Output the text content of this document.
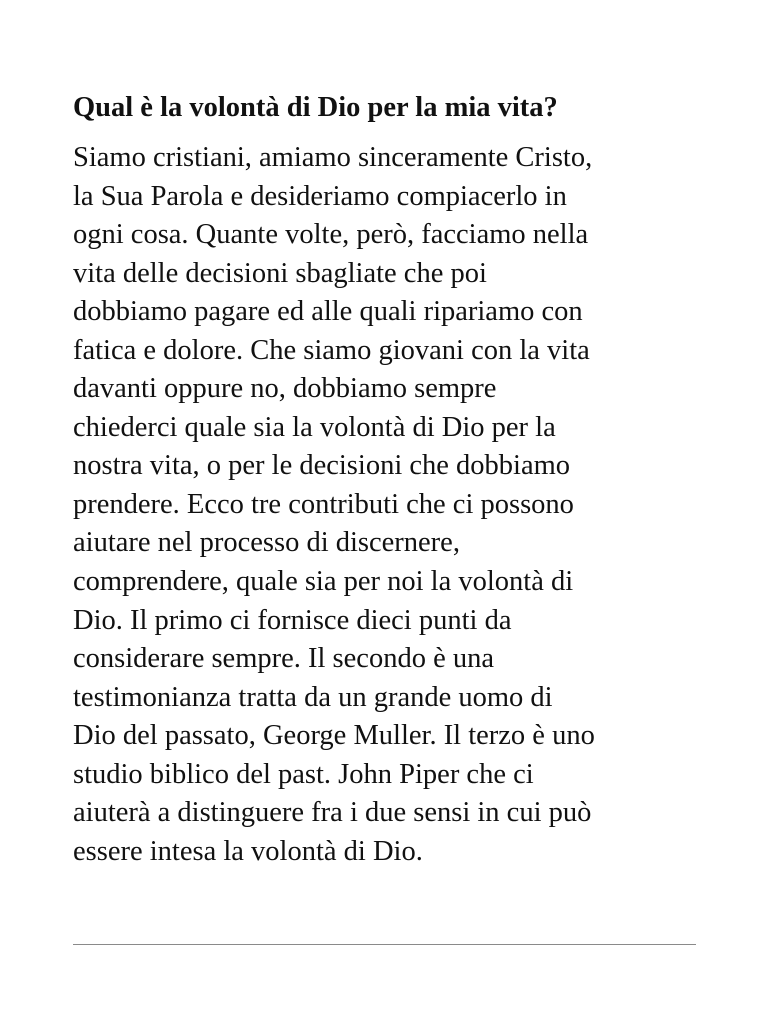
Qual è la volontà di Dio per la mia vita?

Siamo cristiani, amiamo sinceramente Cristo,
la Sua Parola e desideriamo compiacerlo in
ogni cosa. Quante volte, però, facciamo nella
vita delle decisioni sbagliate che poi
dobbiamo pagare ed alle quali ripariamo con
fatica e dolore. Che siamo giovani con la vita
davanti oppure no, dobbiamo sempre
chiederci quale sia la volontà di Dio per la
nostra vita, o per le decisioni che dobbiamo
prendere. Ecco tre contributi che ci possono
aiutare nel processo di discernere,
comprendere, quale sia per noi la volontà di
Dio. Il primo ci fornisce dieci punti da
considerare sempre. Il secondo è una
testimonianza tratta da un grande uomo di
Dio del passato, George Muller. Il terzo è uno
studio biblico del past. John Piper che ci
aiuterà a distinguere fra i due sensi in cui può
essere intesa la volontà di Dio.
